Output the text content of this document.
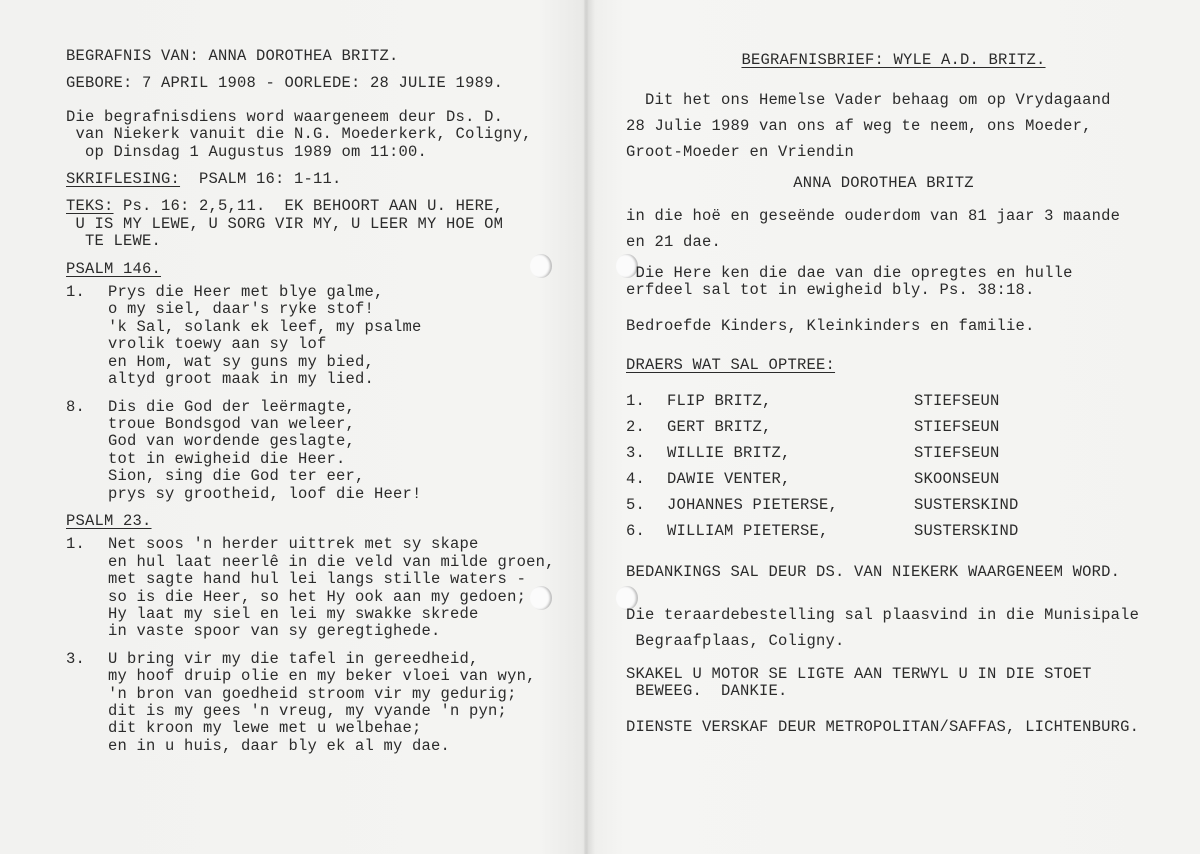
BEGRAFNIS VAN: ANNA DOROTHEA BRITZ.

GEBORE: 7 APRIL 1908 - OORLEDE: 28 JULIE 1989.

Die begrafnisdiens word waargeneem deur Ds. D.

van Niekerk vanuit die N.G. Moederkerk, Coligny,

op Dinsdag 1 Augustus 1989 om 11:00.

SKRIFLESING:  PSALM 16: 1-11.

TEKS: Ps. 16: 2,5,11.  EK BEHOORT AAN U. HERE,

U IS MY LEWE, U SORG VIR MY, U LEER MY HOE OM

TE LEWE.

PSALM 146.

1.	Prys die Heer met blye galme,

o my siel, daar's ryke stof!

'k Sal, solank ek leef, my psalme

vrolik toewy aan sy lof

en Hom, wat sy guns my bied,

altyd groot maak in my lied.

8.	Dis die God der leërmagte,

troue Bondsgod van weleer,

God van wordende geslagte,

tot in ewigheid die Heer.

Sion, sing die God ter eer,

prys sy grootheid, loof die Heer!

PSALM 23.

1.	Net soos 'n herder uittrek met sy skape

en hul laat neerlê in die veld van milde groen,

met sagte hand hul lei langs stille waters -

so is die Heer, so het Hy ook aan my gedoen;

Hy laat my siel en lei my swakke skrede

in vaste spoor van sy geregtighede.

3.	U bring vir my die tafel in gereedheid,

my hoof druip olie en my beker vloei van wyn,

'n bron van goedheid stroom vir my gedurig;

dit is my gees 'n vreug, my vyande 'n pyn;

dit kroon my lewe met u welbehae;

en in u huis, daar bly ek al my dae.

BEGRAFNISBRIEF: WYLE A.D. BRITZ.

Dit het ons Hemelse Vader behaag om op Vrydagaand

28 Julie 1989 van ons af weg te neem, ons Moeder,

Groot-Moeder en Vriendin

ANNA DOROTHEA BRITZ

in die hoë en geseënde ouderdom van 81 jaar 3 maande

en 21 dae.

Die Here ken die dae van die opregtes en hulle

erfdeel sal tot in ewigheid bly. Ps. 38:18.

Bedroefde Kinders, Kleinkinders en familie.

DRAERS WAT SAL OPTREE:

1.	FLIP BRITZ,	STIEFSEUN
2.	GERT BRITZ,	STIEFSEUN
3.	WILLIE BRITZ,	STIEFSEUN
4.	DAWIE VENTER,	SKOONSEUN
5.	JOHANNES PIETERSE,	SUSTERSKIND
6.	WILLIAM PIETERSE,	SUSTERSKIND

BEDANKINGS SAL DEUR DS. VAN NIEKERK WAARGENEEM WORD.

Die teraardebestelling sal plaasvind in die Munisipale

Begraafplaas, Coligny.

SKAKEL U MOTOR SE LIGTE AAN TERWYL U IN DIE STOET

BEWEEG.  DANKIE.

DIENSTE VERSKAF DEUR METROPOLITAN/SAFFAS, LICHTENBURG.
